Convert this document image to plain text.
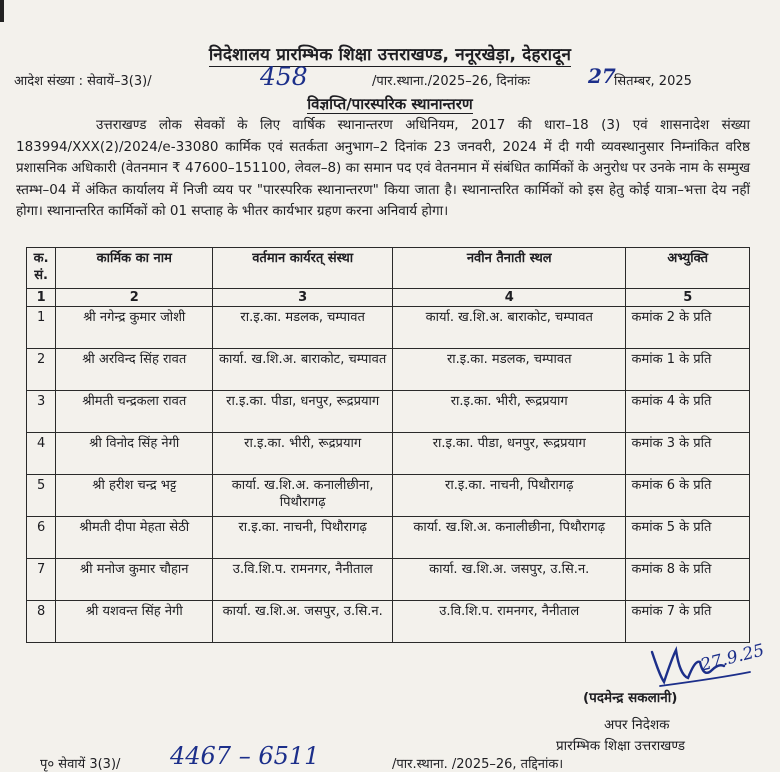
निदेशालय प्रारम्भिक शिक्षा उत्तराखण्ड, ननूरखेड़ा, देहरादून
आदेश संख्या : सेवायें–3(3)/	458	/पार.स्थाना./2025–26, दिनांकः	27
सितम्बर, 2025
विज्ञप्ति/पारस्परिक स्थानान्तरण
उत्तराखण्ड लोक सेवकों के लिए वार्षिक स्थानान्तरण अधिनियम, 2017 की धारा–18 (3) एवं शासनादेश संख्या 183994/XXX(2)/2024/e-33080 कार्मिक एवं सतर्कता अनुभाग–2 दिनांक 23 जनवरी, 2024 में दी गयी व्यवस्थानुसार निम्नांकित वरिष्ठ प्रशासनिक अधिकारी (वेतनमान ₹ 47600–151100, लेवल–8) का समान पद एवं वेतनमान में संबंधित कार्मिकों के अनुरोध पर उनके नाम के सम्मुख स्तम्भ–04 में अंकित कार्यालय में निजी व्यय पर "पारस्परिक स्थानान्तरण" किया जाता है। स्थानान्तरित कार्मिकों को इस हेतु कोई यात्रा–भत्ता देय नहीं होगा। स्थानान्तरित कार्मिकों को 01 सप्ताह के भीतर कार्यभार ग्रहण करना अनिवार्य होगा।
क. सं.	कार्मिक का नाम	वर्तमान कार्यरत् संस्था	नवीन तैनाती स्थल	अभ्युक्ति
1	2	3	4	5
1	श्री नगेन्द्र कुमार जोशी	रा.इ.का. मडलक, चम्पावत	कार्या. ख.शि.अ. बाराकोट, चम्पावत	कमांक 2 के प्रति
2	श्री अरविन्द सिंह रावत	कार्या. ख.शि.अ. बाराकोट, चम्पावत	रा.इ.का. मडलक, चम्पावत	कमांक 1 के प्रति
3	श्रीमती चन्द्रकला रावत	रा.इ.का. पीडा, धनपुर, रूद्रप्रयाग	रा.इ.का. भीरी, रूद्रप्रयाग	कमांक 4 के प्रति
4	श्री विनोद सिंह नेगी	रा.इ.का. भीरी, रूद्रप्रयाग	रा.इ.का. पीडा, धनपुर, रूद्रप्रयाग	कमांक 3 के प्रति
5	श्री हरीश चन्द्र भट्ट	कार्या. ख.शि.अ. कनालीछीना, पिथौरागढ़	रा.इ.का. नाचनी, पिथौरागढ़	कमांक 6 के प्रति
6	श्रीमती दीपा मेहता सेठी	रा.इ.का. नाचनी, पिथौरागढ़	कार्या. ख.शि.अ. कनालीछीना, पिथौरागढ़	कमांक 5 के प्रति
7	श्री मनोज कुमार चौहान	उ.वि.शि.प. रामनगर, नैनीताल	कार्या. ख.शि.अ. जसपुर, उ.सि.न.	कमांक 8 के प्रति
8	श्री यशवन्त सिंह नेगी	कार्या. ख.शि.अ. जसपुर, उ.सि.न.	उ.वि.शि.प. रामनगर, नैनीताल	कमांक 7 के प्रति
27.9.25
(पदमेन्द्र सकलानी)
अपर निदेशक
प्रारम्भिक शिक्षा उत्तराखण्ड
पृ० सेवायें 3(3)/ 4467 – 6511	/पार.स्थाना. /2025–26, तद्दिनांक।
